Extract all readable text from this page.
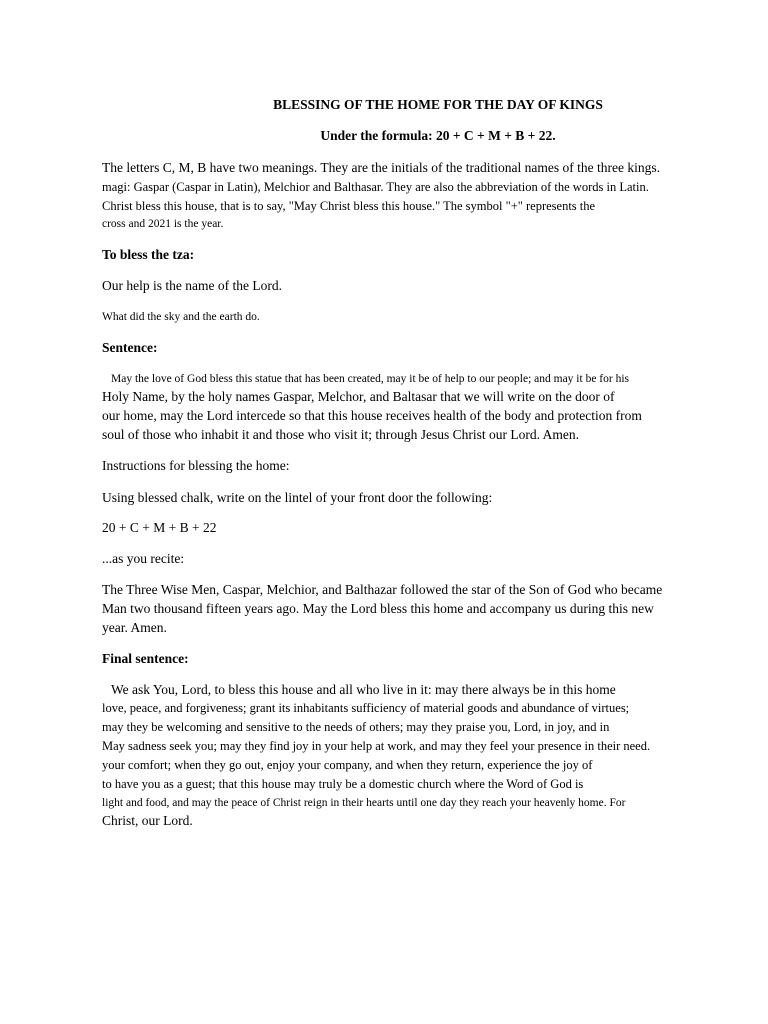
BLESSING OF THE HOME FOR THE DAY OF KINGS
Under the formula: 20 + C + M + B + 22.
The letters C, M, B have two meanings. They are the initials of the traditional names of the three kings.
magi: Gaspar (Caspar in Latin), Melchior and Balthasar. They are also the abbreviation of the words in Latin.
Christ bless this house, that is to say, "May Christ bless this house." The symbol "+" represents the
cross and 2021 is the year.
To bless the tza:
Our help is the name of the Lord.
What did the sky and the earth do.
Sentence:
May the love of God bless this statue that has been created, may it be of help to our people; and may it be for his
Holy Name, by the holy names Gaspar, Melchor, and Baltasar that we will write on the door of
our home, may the Lord intercede so that this house receives health of the body and protection from
soul of those who inhabit it and those who visit it; through Jesus Christ our Lord. Amen.
Instructions for blessing the home:
Using blessed chalk, write on the lintel of your front door the following:
20 + C + M + B + 22
...as you recite:
The Three Wise Men, Caspar, Melchior, and Balthazar followed the star of the Son of God who became
Man two thousand fifteen years ago. May the Lord bless this home and accompany us during this new
year. Amen.
Final sentence:
We ask You, Lord, to bless this house and all who live in it: may there always be in this home
love, peace, and forgiveness; grant its inhabitants sufficiency of material goods and abundance of virtues;
may they be welcoming and sensitive to the needs of others; may they praise you, Lord, in joy, and in
May sadness seek you; may they find joy in your help at work, and may they feel your presence in their need.
your comfort; when they go out, enjoy your company, and when they return, experience the joy of
to have you as a guest; that this house may truly be a domestic church where the Word of God is
light and food, and may the peace of Christ reign in their hearts until one day they reach your heavenly home. For
Christ, our Lord.
